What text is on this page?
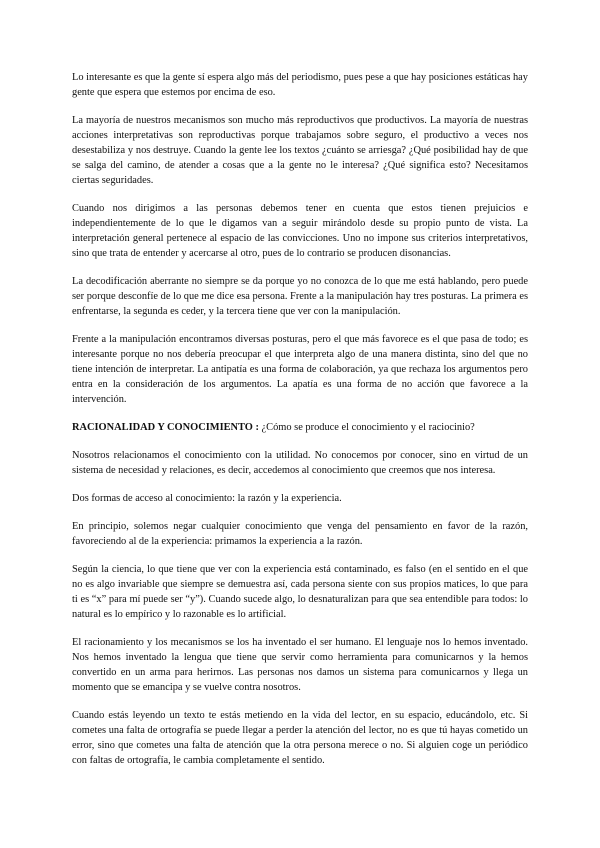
Lo interesante es que la gente sí espera algo más del periodismo, pues pese a que hay posiciones estáticas hay gente que espera que estemos por encima de eso.

La mayoría de nuestros mecanismos son mucho más reproductivos que productivos. La mayoría de nuestras acciones interpretativas son reproductivas porque trabajamos sobre seguro, el productivo a veces nos desestabiliza y nos destruye. Cuando la gente lee los textos ¿cuánto se arriesga? ¿Qué posibilidad hay de que se salga del camino, de atender a cosas que a la gente no le interesa? ¿Qué significa esto? Necesitamos ciertas seguridades.

Cuando nos dirigimos a las personas debemos tener en cuenta que estos tienen prejuicios e independientemente de lo que le digamos van a seguir mirándolo desde su propio punto de vista. La interpretación general pertenece al espacio de las convicciones. Uno no impone sus criterios interpretativos, sino que trata de entender y acercarse al otro, pues de lo contrario se producen disonancias.

La decodificación aberrante no siempre se da porque yo no conozca de lo que me está hablando, pero puede ser porque desconfíe de lo que me dice esa persona. Frente a la manipulación hay tres posturas. La primera es enfrentarse, la segunda es ceder, y la tercera tiene que ver con la manipulación.

Frente a la manipulación encontramos diversas posturas, pero el que más favorece es el que pasa de todo; es interesante porque no nos debería preocupar el que interpreta algo de una manera distinta, sino del que no tiene intención de interpretar. La antipatía es una forma de colaboración, ya que rechaza los argumentos pero entra en la consideración de los argumentos. La apatía es una forma de no acción que favorece a la intervención.

RACIONALIDAD Y CONOCIMIENTO : ¿Cómo se produce el conocimiento y el raciocinio?

Nosotros relacionamos el conocimiento con la utilidad. No conocemos por conocer, sino en virtud de un sistema de necesidad y relaciones, es decir, accedemos al conocimiento que creemos que nos interesa.

Dos formas de acceso al conocimiento: la razón y la experiencia.

En principio, solemos negar cualquier conocimiento que venga del pensamiento en favor de la razón, favoreciendo al de la experiencia: primamos la experiencia a la razón.

Según la ciencia, lo que tiene que ver con la experiencia está contaminado, es falso (en el sentido en el que no es algo invariable que siempre se demuestra así, cada persona siente con sus propios matices, lo que para ti es “x” para mí puede ser “y”). Cuando sucede algo, lo desnaturalizan para que sea entendible para todos: lo natural es lo empírico y lo razonable es lo artificial.

El racionamiento y los mecanismos se los ha inventado el ser humano. El lenguaje nos lo hemos inventado. Nos hemos inventado la lengua que tiene que servir como herramienta para comunicarnos y la hemos convertido en un arma para herirnos. Las personas nos damos un sistema para comunicarnos y llega un momento que se emancipa y se vuelve contra nosotros.

Cuando estás leyendo un texto te estás metiendo en la vida del lector, en su espacio, educándolo, etc. Si cometes una falta de ortografía se puede llegar a perder la atención del lector, no es que tú hayas cometido un error, sino que cometes una falta de atención que la otra persona merece o no. Si alguien coge un periódico con faltas de ortografía, le cambia completamente el sentido.
